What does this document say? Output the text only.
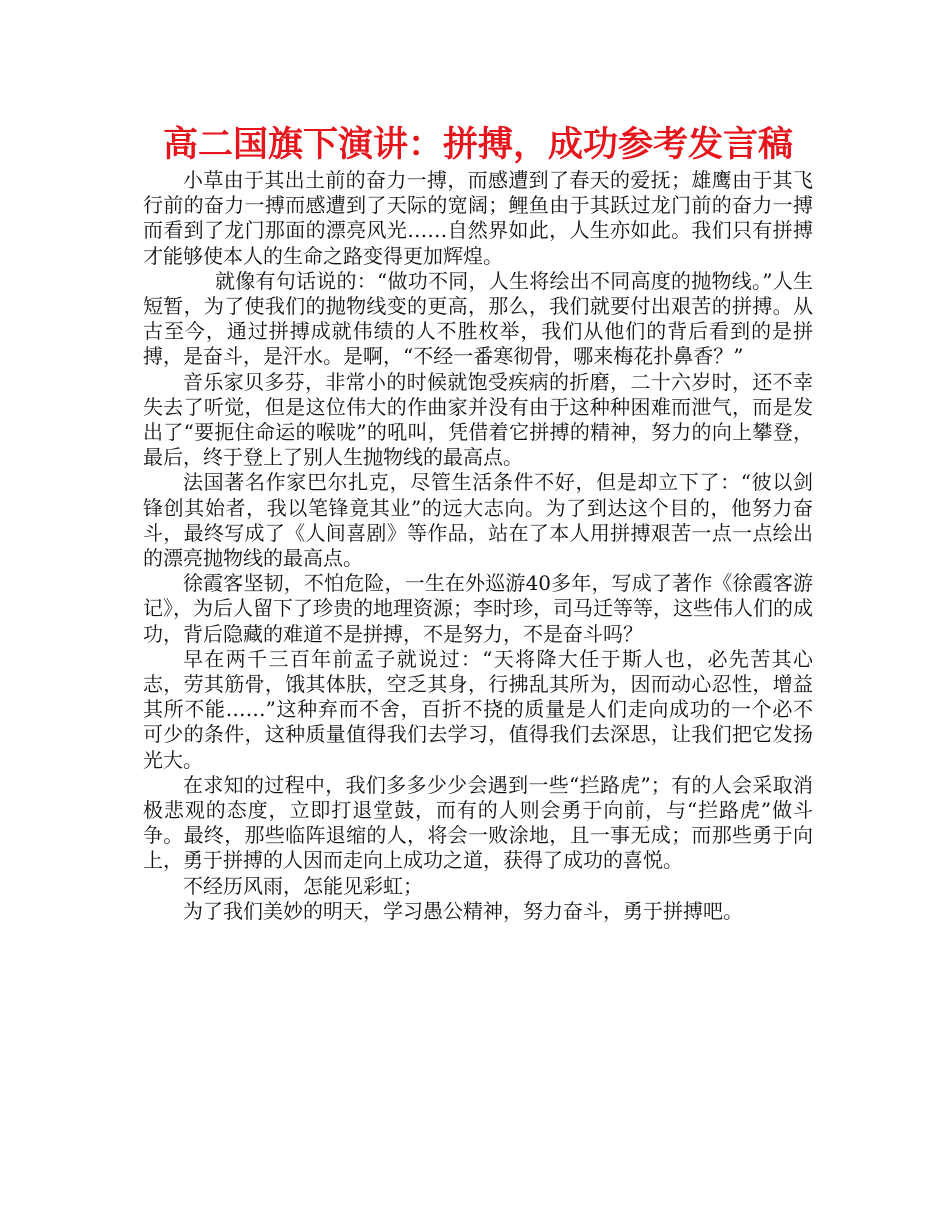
高二国旗下演讲：拼搏，成功参考发言稿

小草由于其出土前的奋力一搏，而感遭到了春天的爱抚；雄鹰由于其飞行前的奋力一搏而感遭到了天际的宽阔；鲤鱼由于其跃过龙门前的奋力一搏而看到了龙门那面的漂亮风光……自然界如此，人生亦如此。我们只有拼搏才能够使本人的生命之路变得更加辉煌。

就像有句话说的：“做功不同，人生将绘出不同高度的抛物线。”人生短暂，为了使我们的抛物线变的更高，那么，我们就要付出艰苦的拼搏。从古至今，通过拼搏成就伟绩的人不胜枚举，我们从他们的背后看到的是拼搏，是奋斗，是汗水。是啊，“不经一番寒彻骨，哪来梅花扑鼻香？”

音乐家贝多芬，非常小的时候就饱受疾病的折磨，二十六岁时，还不幸失去了听觉，但是这位伟大的作曲家并没有由于这种种困难而泄气，而是发出了“要扼住命运的喉咙”的吼叫，凭借着它拼搏的精神，努力的向上攀登，最后，终于登上了别人生抛物线的最高点。

法国著名作家巴尔扎克，尽管生活条件不好，但是却立下了：“彼以剑锋创其始者，我以笔锋竟其业”的远大志向。为了到达这个目的，他努力奋斗，最终写成了《人间喜剧》等作品，站在了本人用拼搏艰苦一点一点绘出的漂亮抛物线的最高点。

徐霞客坚韧，不怕危险，一生在外巡游40多年，写成了著作《徐霞客游记》，为后人留下了珍贵的地理资源；李时珍，司马迁等等，这些伟人们的成功，背后隐藏的难道不是拼搏，不是努力，不是奋斗吗？

早在两千三百年前孟子就说过：“天将降大任于斯人也，必先苦其心志，劳其筋骨，饿其体肤，空乏其身，行拂乱其所为，因而动心忍性，增益其所不能……”这种弃而不舍，百折不挠的质量是人们走向成功的一个必不可少的条件，这种质量值得我们去学习，值得我们去深思，让我们把它发扬光大。

在求知的过程中，我们多多少少会遇到一些“拦路虎”；有的人会采取消极悲观的态度，立即打退堂鼓，而有的人则会勇于向前，与“拦路虎”做斗争。最终，那些临阵退缩的人，将会一败涂地，且一事无成；而那些勇于向上，勇于拼搏的人因而走向上成功之道，获得了成功的喜悦。

不经历风雨，怎能见彩虹；

为了我们美妙的明天，学习愚公精神，努力奋斗，勇于拼搏吧。
